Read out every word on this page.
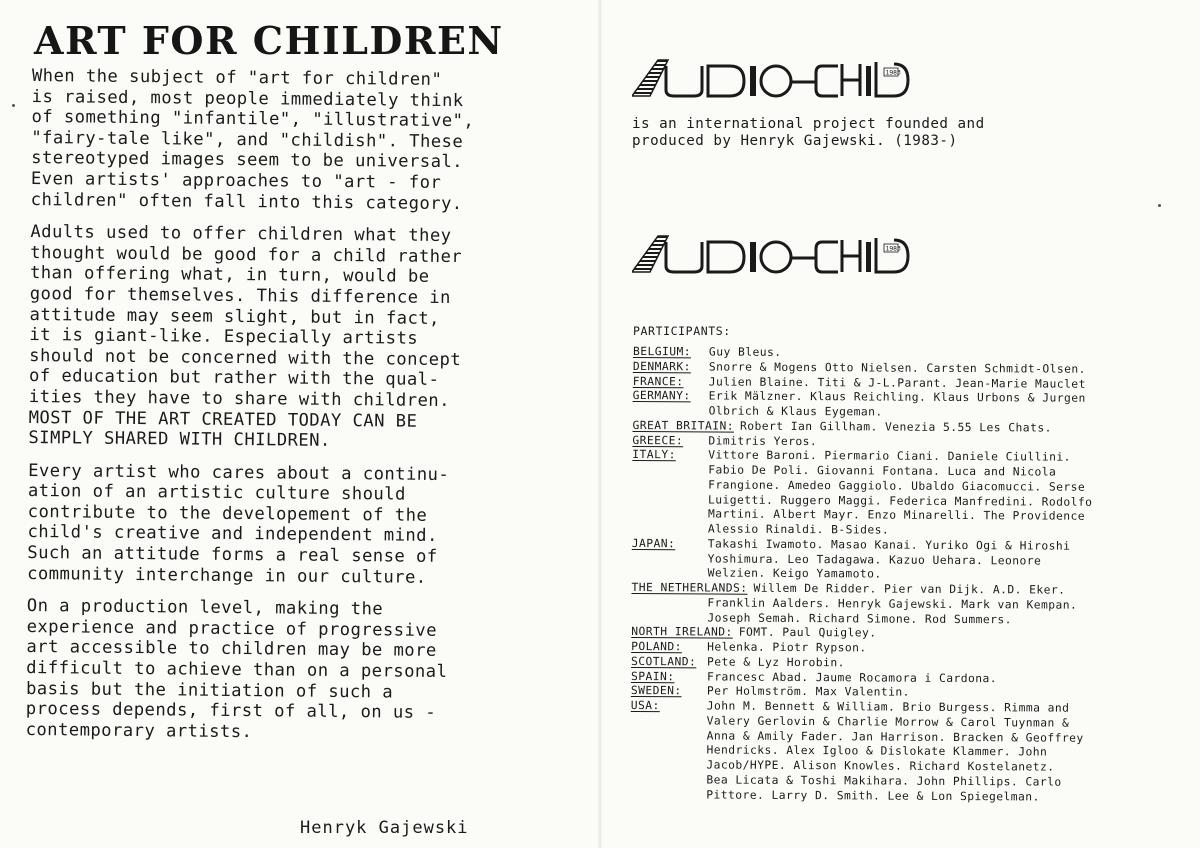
ART FOR CHILDREN

When the subject of "art for children"
is raised, most people immediately think
of something "infantile", "illustrative",
"fairy-tale like", and "childish". These
stereotyped images seem to be universal.
Even artists' approaches to "art - for
children" often fall into this category.

Adults used to offer children what they
thought would be good for a child rather
than offering what, in turn, would be
good for themselves. This difference in
attitude may seem slight, but in fact,
it is giant-like. Especially artists
should not be concerned with the concept
of education but rather with the qual-
ities they have to share with children.
MOST OF THE ART CREATED TODAY CAN BE
SIMPLY SHARED WITH CHILDREN.

Every artist who cares about a continu-
ation of an artistic culture should
contribute to the developement of the
child's creative and independent mind.
Such an attitude forms a real sense of
community interchange in our culture.

On a production level, making the
experience and practice of progressive
art accessible to children may be more
difficult to achieve than on a personal
basis but the initiation of such a
process depends, first of all, on us -
contemporary artists.

Henryk Gajewski
1983
is an international project founded and
produced by Henryk Gajewski. (1983-)
1983
PARTICIPANTS:
BELGIUM:	Guy Bleus.
DENMARK:	Snorre & Mogens Otto Nielsen. Carsten Schmidt-Olsen.
FRANCE:	Julien Blaine. Titi & J-L.Parant. Jean-Marie Mauclet
GERMANY:	Erik Mälzner. Klaus Reichling. Klaus Urbons & Jurgen
Olbrich & Klaus Eygeman.
GREAT BRITAIN: Robert Ian Gillham. Venezia 5.55 Les Chats.
GREECE:	Dimitris Yeros.
ITALY:	Vittore Baroni. Piermario Ciani. Daniele Ciullini.
Fabio De Poli. Giovanni Fontana. Luca and Nicola
Frangione. Amedeo Gaggiolo. Ubaldo Giacomucci. Serse
Luigetti. Ruggero Maggi. Federica Manfredini. Rodolfo
Martini. Albert Mayr. Enzo Minarelli. The Providence
Alessio Rinaldi. B-Sides.
JAPAN:	Takashi Iwamoto. Masao Kanai. Yuriko Ogi & Hiroshi
Yoshimura. Leo Tadagawa. Kazuo Uehara. Leonore
Welzien. Keigo Yamamoto.
THE NETHERLANDS: Willem De Ridder. Pier van Dijk. A.D. Eker.
Franklin Aalders. Henryk Gajewski. Mark van Kempan.
Joseph Semah. Richard Simone. Rod Summers.
NORTH IRELAND: FOMT. Paul Quigley.
POLAND:	Helenka. Piotr Rypson.
SCOTLAND: Pete & Lyz Horobin.
SPAIN:	Francesc Abad. Jaume Rocamora i Cardona.
SWEDEN:	Per Holmström. Max Valentin.
USA:	John M. Bennett & William. Brio Burgess. Rimma and
Valery Gerlovin & Charlie Morrow & Carol Tuynman &
Anna & Amily Fader. Jan Harrison. Bracken & Geoffrey
Hendricks. Alex Igloo & Dislokate Klammer. John
Jacob/HYPE. Alison Knowles. Richard Kostelanetz.
Bea Licata & Toshi Makihara. John Phillips. Carlo
Pittore. Larry D. Smith. Lee & Lon Spiegelman.
